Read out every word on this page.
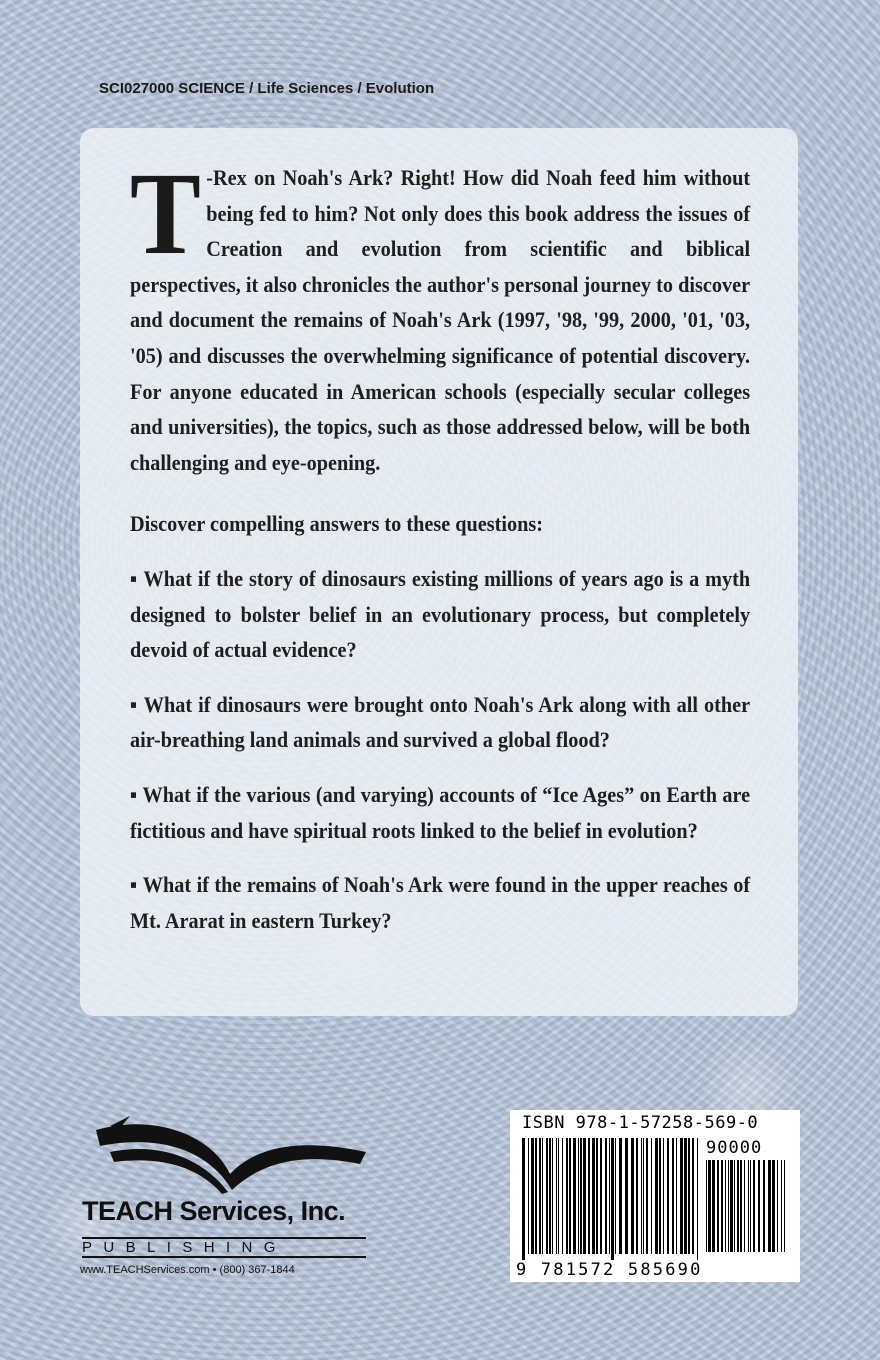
SCI027000 SCIENCE / Life Sciences / Evolution

T -Rex on Noah's Ark? Right! How did Noah feed him without being fed to him? Not only does this book address the issues of Creation and evolution from scientific and biblical perspectives, it also chronicles the author's personal journey to discover and document the remains of Noah's Ark (1997, '98, '99, 2000, '01, '03, '05) and discusses the overwhelming significance of potential discovery. For anyone educated in American schools (especially secular colleges and universities), the topics, such as those addressed below, will be both challenging and eye-opening.

Discover compelling answers to these questions:

▪ What if the story of dinosaurs existing millions of years ago is a myth designed to bolster belief in an evolutionary process, but completely devoid of actual evidence?

▪ What if dinosaurs were brought onto Noah's Ark along with all other air-breathing land animals and survived a global flood?

▪ What if the various (and varying) accounts of “Ice Ages” on Earth are fictitious and have spiritual roots linked to the belief in evolution?

▪ What if the remains of Noah's Ark were found in the upper reaches of Mt. Ararat in eastern Turkey?

TEACH Services, Inc.
PUBLISHING
www.TEACHServices.com • (800) 367-1844
ISBN 978-1-57258-569-0
90000
9 781572 585690
